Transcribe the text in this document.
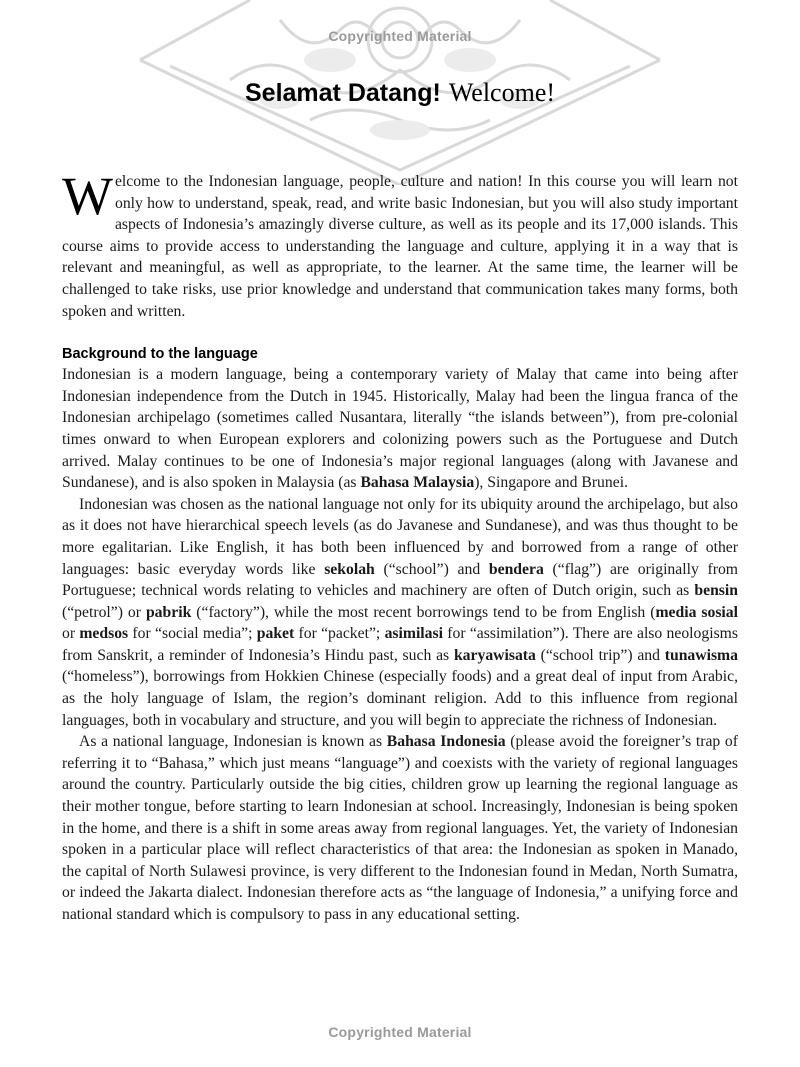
Copyrighted Material
Selamat Datang! Welcome!

Welcome to the Indonesian language, people, culture and nation! In this course you will learn not only how to understand, speak, read, and write basic Indonesian, but you will also study important aspects of Indonesia’s amazingly diverse culture, as well as its people and its 17,000 islands. This course aims to provide access to understanding the language and culture, applying it in a way that is relevant and meaningful, as well as appropriate, to the learner. At the same time, the learner will be challenged to take risks, use prior knowledge and understand that communication takes many forms, both spoken and written.

Background to the language

Indonesian is a modern language, being a contemporary variety of Malay that came into being after Indonesian independence from the Dutch in 1945. Historically, Malay had been the lingua franca of the Indonesian archipelago (sometimes called Nusantara, literally “the islands between”), from pre-colonial times onward to when European explorers and colonizing powers such as the Portuguese and Dutch arrived. Malay continues to be one of Indonesia’s major regional languages (along with Javanese and Sundanese), and is also spoken in Malaysia (as Bahasa Malaysia), Singapore and Brunei.

Indonesian was chosen as the national language not only for its ubiquity around the archipelago, but also as it does not have hierarchical speech levels (as do Javanese and Sundanese), and was thus thought to be more egalitarian. Like English, it has both been influenced by and borrowed from a range of other languages: basic everyday words like sekolah (“school”) and bendera (“flag”) are originally from Portuguese; technical words relating to vehicles and machinery are often of Dutch origin, such as bensin (“petrol”) or pabrik (“factory”), while the most recent borrowings tend to be from English (media sosial or medsos for “social media”; paket for “packet”; asimilasi for “assimilation”). There are also neologisms from Sanskrit, a reminder of Indonesia’s Hindu past, such as karyawisata (“school trip”) and tunawisma (“homeless”), borrowings from Hokkien Chinese (especially foods) and a great deal of input from Arabic, as the holy language of Islam, the region’s dominant religion. Add to this influence from regional languages, both in vocabulary and structure, and you will begin to appreciate the richness of Indonesian.

As a national language, Indonesian is known as Bahasa Indonesia (please avoid the foreigner’s trap of referring it to “Bahasa,” which just means “language”) and coexists with the variety of regional languages around the country. Particularly outside the big cities, children grow up learning the regional language as their mother tongue, before starting to learn Indonesian at school. Increasingly, Indonesian is being spoken in the home, and there is a shift in some areas away from regional languages. Yet, the variety of Indonesian spoken in a particular place will reflect characteristics of that area: the Indonesian as spoken in Manado, the capital of North Sulawesi province, is very different to the Indonesian found in Medan, North Sumatra, or indeed the Jakarta dialect. Indonesian therefore acts as “the language of Indonesia,” a unifying force and national standard which is compulsory to pass in any educational setting.

Copyrighted Material
